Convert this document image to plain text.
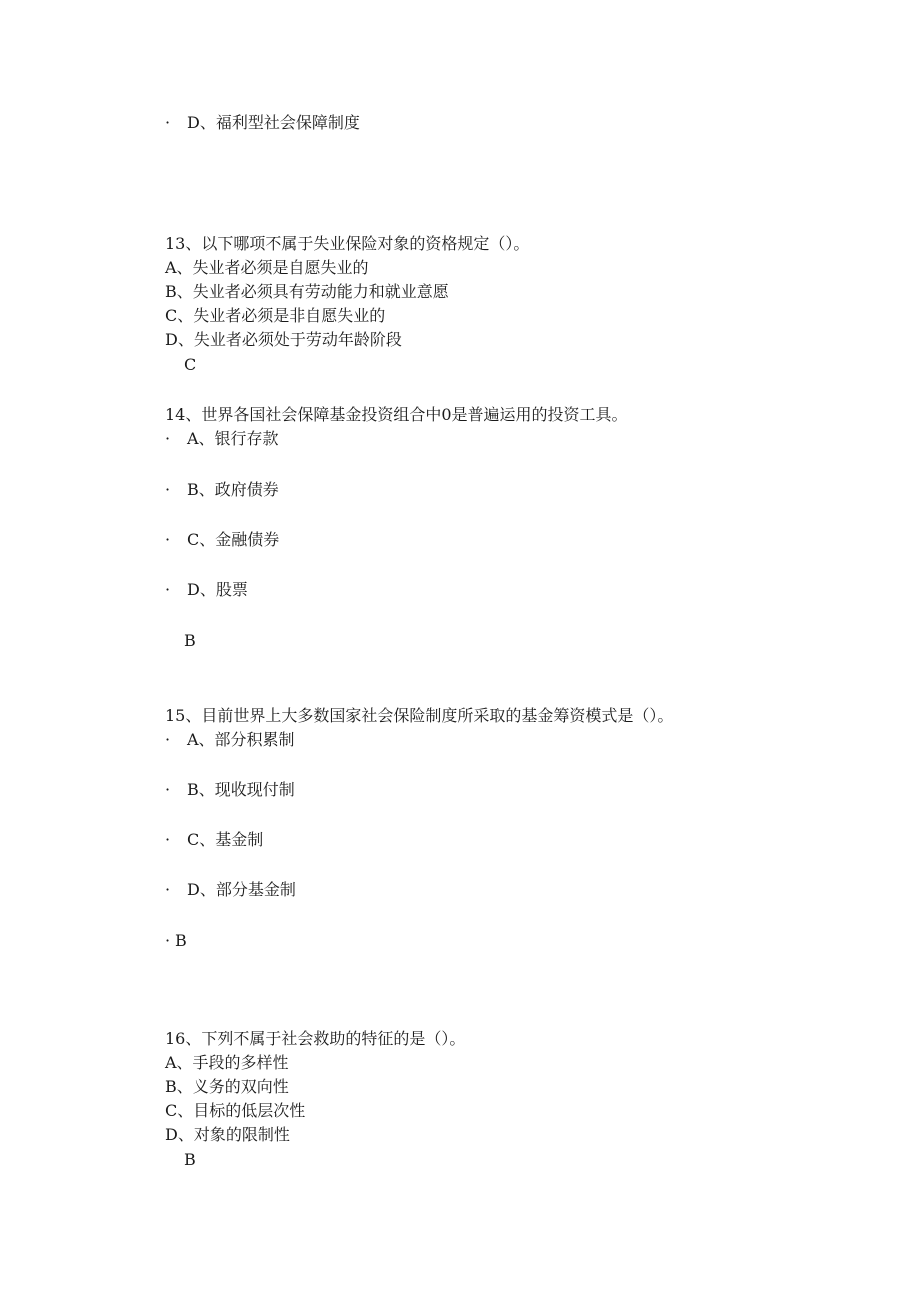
· D、福利型社会保障制度
13、以下哪项不属于失业保险对象的资格规定（）。
A、失业者必须是自愿失业的
B、失业者必须具有劳动能力和就业意愿
C、失业者必须是非自愿失业的
D、失业者必须处于劳动年龄阶段
C
14、世界各国社会保障基金投资组合中0是普遍运用的投资工具。
· A、银行存款
· B、政府债券
· C、金融债券
· D、股票
B
15、目前世界上大多数国家社会保险制度所采取的基金筹资模式是（）。
· A、部分积累制
· B、现收现付制
· C、基金制
· D、部分基金制
· B
16、下列不属于社会救助的特征的是（）。
A、手段的多样性
B、义务的双向性
C、目标的低层次性
D、对象的限制性
B
